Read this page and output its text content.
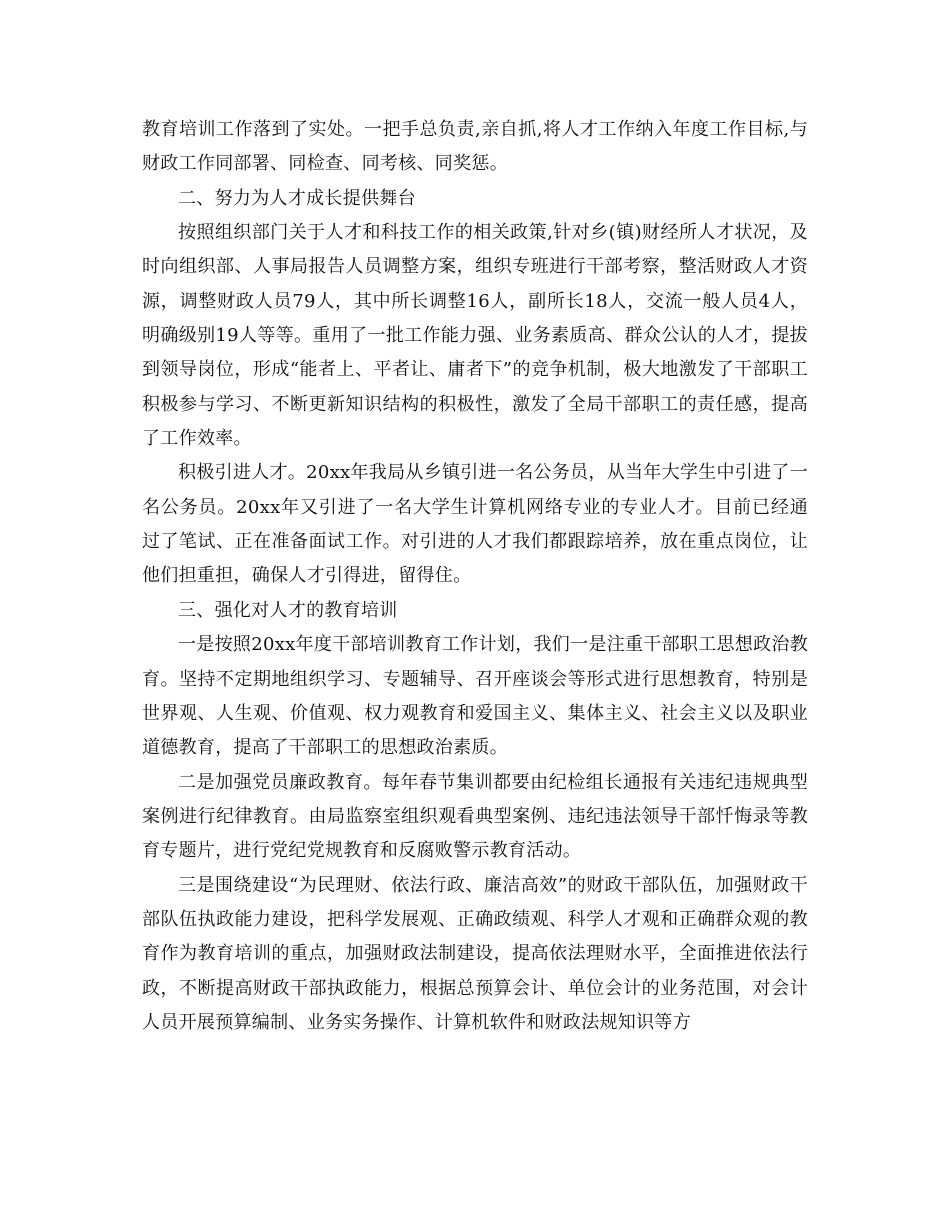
教育培训工作落到了实处。一把手总负责,亲自抓,将人才工作纳入年度工作目标,与财政工作同部署、同检查、同考核、同奖惩。

二、努力为人才成长提供舞台

按照组织部门关于人才和科技工作的相关政策,针对乡(镇)财经所人才状况，及时向组织部、人事局报告人员调整方案，组织专班进行干部考察，整活财政人才资源，调整财政人员79人，其中所长调整16人，副所长18人，交流一般人员4人，明确级别19人等等。重用了一批工作能力强、业务素质高、群众公认的人才，提拔到领导岗位，形成“能者上、平者让、庸者下”的竞争机制，极大地激发了干部职工积极参与学习、不断更新知识结构的积极性，激发了全局干部职工的责任感，提高了工作效率。

积极引进人才。20xx年我局从乡镇引进一名公务员，从当年大学生中引进了一名公务员。20xx年又引进了一名大学生计算机网络专业的专业人才。目前已经通过了笔试、正在准备面试工作。对引进的人才我们都跟踪培养，放在重点岗位，让他们担重担，确保人才引得进，留得住。

三、强化对人才的教育培训

一是按照20xx年度干部培训教育工作计划，我们一是注重干部职工思想政治教育。坚持不定期地组织学习、专题辅导、召开座谈会等形式进行思想教育，特别是世界观、人生观、价值观、权力观教育和爱国主义、集体主义、社会主义以及职业道德教育，提高了干部职工的思想政治素质。

二是加强党员廉政教育。每年春节集训都要由纪检组长通报有关违纪违规典型案例进行纪律教育。由局监察室组织观看典型案例、违纪违法领导干部忏悔录等教育专题片，进行党纪党规教育和反腐败警示教育活动。

三是围绕建设“为民理财、依法行政、廉洁高效”的财政干部队伍，加强财政干部队伍执政能力建设，把科学发展观、正确政绩观、科学人才观和正确群众观的教育作为教育培训的重点，加强财政法制建设，提高依法理财水平，全面推进依法行政，不断提高财政干部执政能力，根据总预算会计、单位会计的业务范围，对会计人员开展预算编制、业务实务操作、计算机软件和财政法规知识等方
